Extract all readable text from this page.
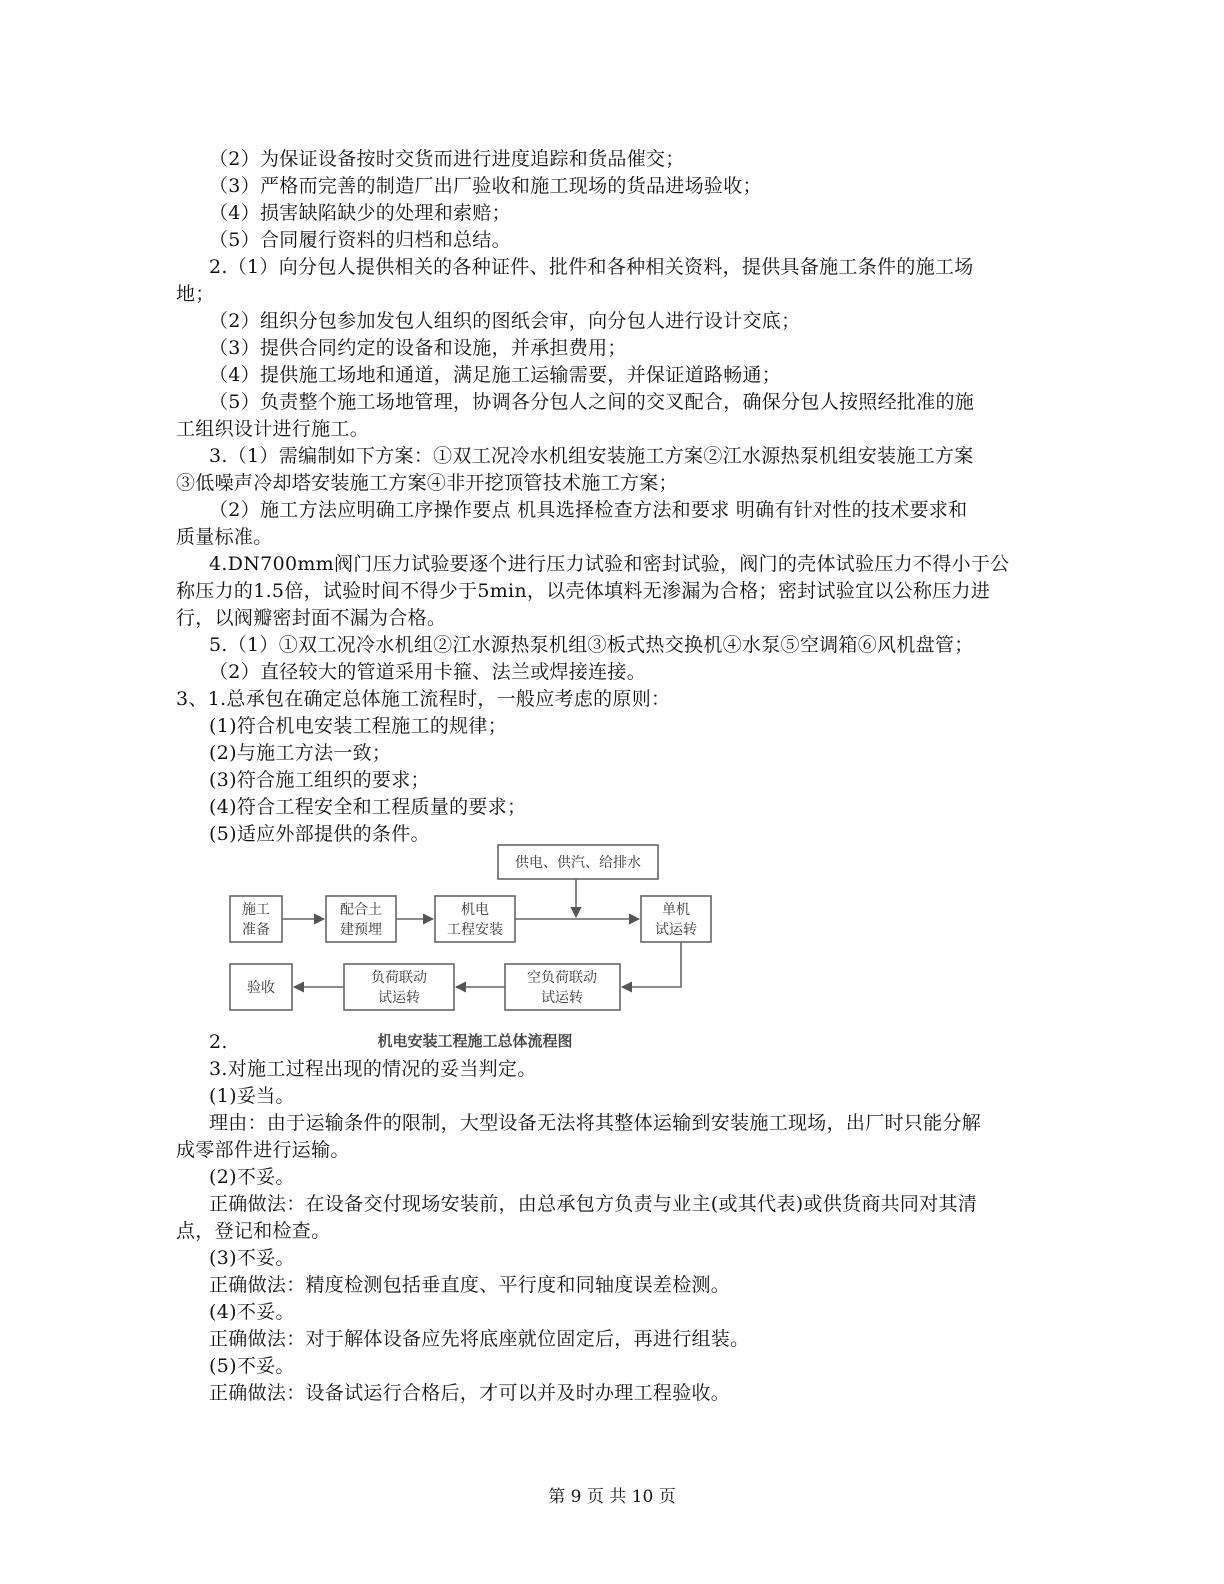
（2）为保证设备按时交货而进行进度追踪和货品催交；
（3）严格而完善的制造厂出厂验收和施工现场的货品进场验收；
（4）损害缺陷缺少的处理和索赔；
（5）合同履行资料的归档和总结。
2.（1）向分包人提供相关的各种证件、批件和各种相关资料，提供具备施工条件的施工场
地；
（2）组织分包参加发包人组织的图纸会审，向分包人进行设计交底；
（3）提供合同约定的设备和设施，并承担费用；
（4）提供施工场地和通道，满足施工运输需要，并保证道路畅通；
（5）负责整个施工场地管理，协调各分包人之间的交叉配合，确保分包人按照经批准的施
工组织设计进行施工。
3.（1）需编制如下方案：①双工况冷水机组安装施工方案②江水源热泵机组安装施工方案
③低噪声冷却塔安装施工方案④非开挖顶管技术施工方案；
（2）施工方法应明确工序操作要点 机具选择检查方法和要求 明确有针对性的技术要求和
质量标准。
4.DN700mm阀门压力试验要逐个进行压力试验和密封试验，阀门的壳体试验压力不得小于公
称压力的1.5倍，试验时间不得少于5min，以壳体填料无渗漏为合格；密封试验宜以公称压力进
行，以阀瓣密封面不漏为合格。
5.（1）①双工况冷水机组②江水源热泵机组③板式热交换机④水泵⑤空调箱⑥风机盘管；
（2）直径较大的管道采用卡箍、法兰或焊接连接。
3、1.总承包在确定总体施工流程时，一般应考虑的原则：
(1)符合机电安装工程施工的规律；
(2)与施工方法一致；
(3)符合施工组织的要求；
(4)符合工程安全和工程质量的要求；
(5)适应外部提供的条件。
供电、供汽、给排水
施工
准备
配合土
建预埋
机电
工程安装
单机
试运转
空负荷联动
试运转
负荷联动
试运转
验收
机电安装工程施工总体流程图
2.
3.对施工过程出现的情况的妥当判定。
(1)妥当。
理由：由于运输条件的限制，大型设备无法将其整体运输到安装施工现场，出厂时只能分解
成零部件进行运输。
(2)不妥。
正确做法：在设备交付现场安装前，由总承包方负责与业主(或其代表)或供货商共同对其清
点，登记和检查。
(3)不妥。
正确做法：精度检测包括垂直度、平行度和同轴度误差检测。
(4)不妥。
正确做法：对于解体设备应先将底座就位固定后，再进行组装。
(5)不妥。
正确做法：设备试运行合格后，才可以并及时办理工程验收。
第 9 页 共 10 页
